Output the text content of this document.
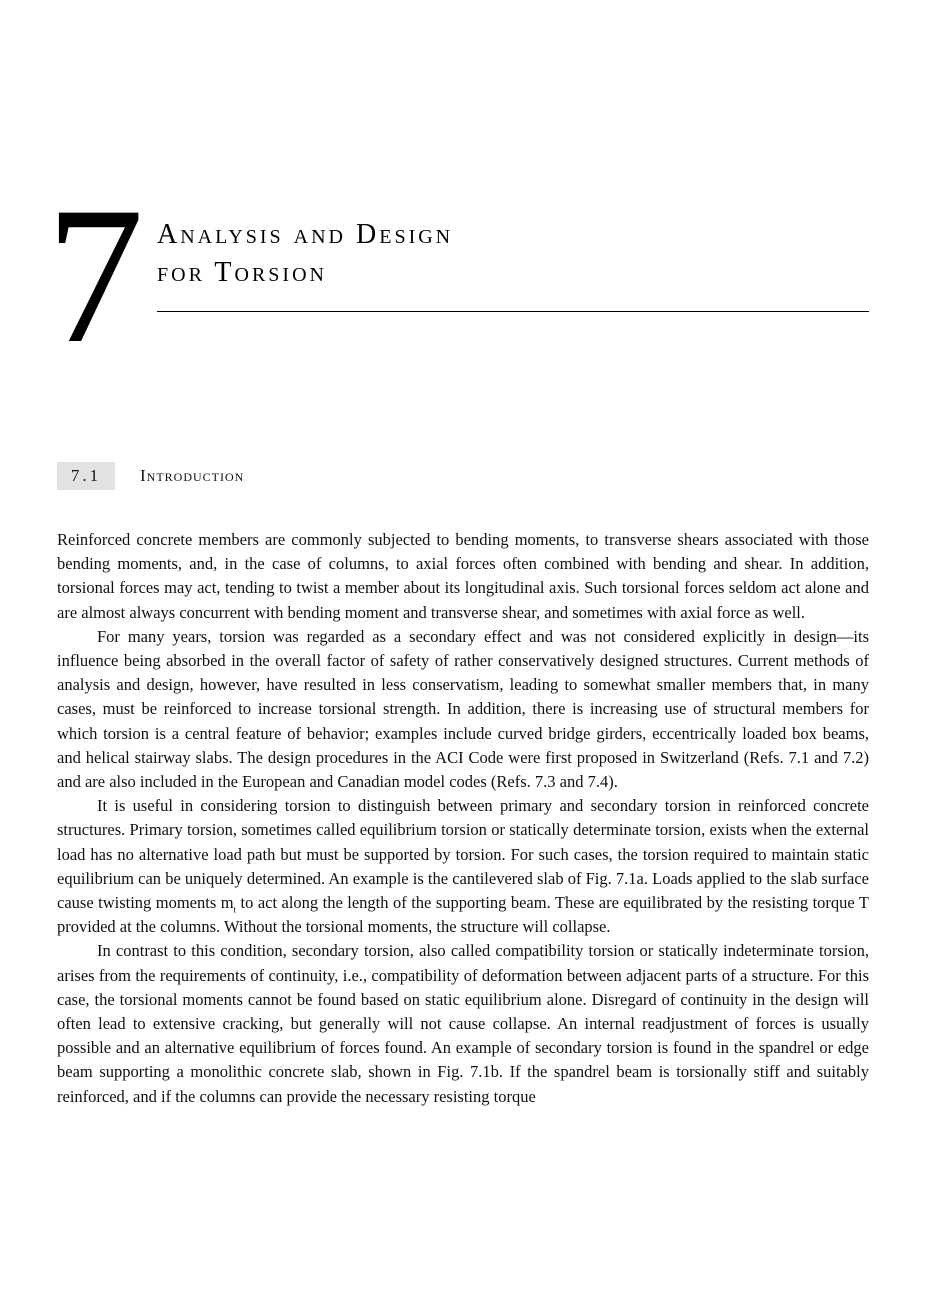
7 Analysis and Design
for Torsion
7.1	Introduction

Reinforced concrete members are commonly subjected to bending moments, to transverse shears associated with those bending moments, and, in the case of columns, to axial forces often combined with bending and shear. In addition, torsional forces may act, tending to twist a member about its longitudinal axis. Such torsional forces seldom act alone and are almost always concurrent with bending moment and transverse shear, and sometimes with axial force as well.

For many years, torsion was regarded as a secondary effect and was not considered explicitly in design—its influence being absorbed in the overall factor of safety of rather conservatively designed structures. Current methods of analysis and design, however, have resulted in less conservatism, leading to somewhat smaller members that, in many cases, must be reinforced to increase torsional strength. In addition, there is increasing use of structural members for which torsion is a central feature of behavior; examples include curved bridge girders, eccentrically loaded box beams, and helical stairway slabs. The design procedures in the ACI Code were first proposed in Switzerland (Refs. 7.1 and 7.2) and are also included in the European and Canadian model codes (Refs. 7.3 and 7.4).

It is useful in considering torsion to distinguish between primary and secondary torsion in reinforced concrete structures. Primary torsion, sometimes called equilibrium torsion or statically determinate torsion, exists when the external load has no alternative load path but must be supported by torsion. For such cases, the torsion required to maintain static equilibrium can be uniquely determined. An example is the cantilevered slab of Fig. 7.1a. Loads applied to the slab surface cause twisting moments $m_t$ to act along the length of the supporting beam. These are equilibrated by the resisting torque T provided at the columns. Without the torsional moments, the structure will collapse.

In contrast to this condition, secondary torsion, also called compatibility torsion or statically indeterminate torsion, arises from the requirements of continuity, i.e., compatibility of deformation between adjacent parts of a structure. For this case, the torsional moments cannot be found based on static equilibrium alone. Disregard of continuity in the design will often lead to extensive cracking, but generally will not cause collapse. An internal readjustment of forces is usually possible and an alternative equilibrium of forces found. An example of secondary torsion is found in the spandrel or edge beam supporting a monolithic concrete slab, shown in Fig. 7.1b. If the spandrel beam is torsionally stiff and suitably reinforced, and if the columns can provide the necessary resisting torque
